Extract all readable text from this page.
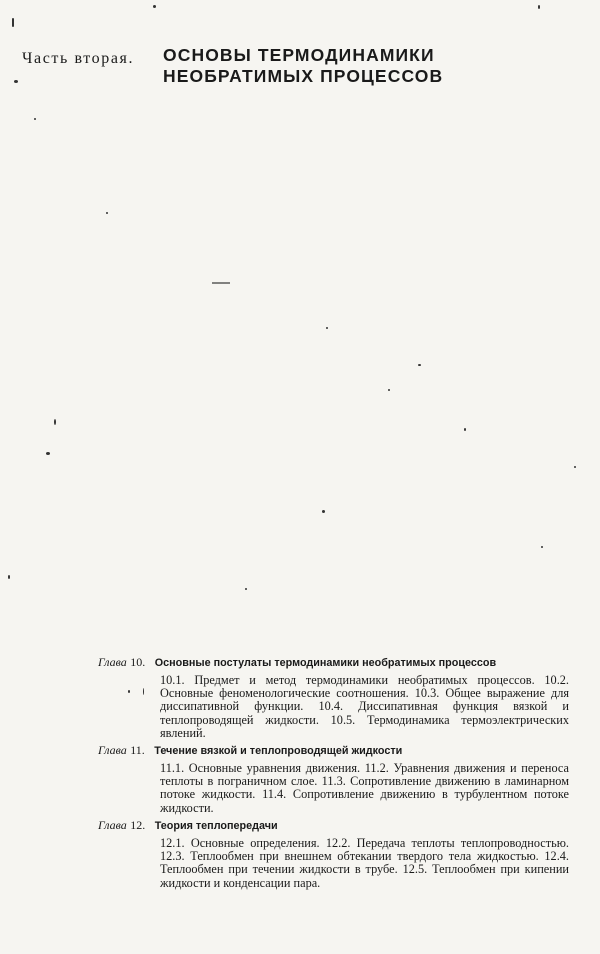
Часть вторая. ОСНОВЫ ТЕРМОДИНАМИКИ
НЕОБРАТИМЫХ ПРОЦЕССОВ
Глава 10. Основные постулаты термодинамики необратимых процессов
10.1. Предмет и метод термодинамики необратимых процессов. 10.2. Основные феноменологические соотношения. 10.3. Общее выражение для диссипативной функции. 10.4. Диссипативная функция вязкой и теплопроводящей жидкости. 10.5. Термодинамика термоэлектрических явлений.
Глава 11. Течение вязкой и теплопроводящей жидкости
11.1. Основные уравнения движения. 11.2. Уравнения движения и переноса теплоты в пограничном слое. 11.3. Сопротивление движению в ламинарном потоке жидкости. 11.4. Сопротивление движению в турбулентном потоке жидкости.
Глава 12. Теория теплопередачи
12.1. Основные определения. 12.2. Передача теплоты теплопроводностью. 12.3. Теплообмен при внешнем обтекании твердого тела жидкостью. 12.4. Теплообмен при течении жидкости в трубе. 12.5. Теплообмен при кипении жидкости и конденсации пара.
